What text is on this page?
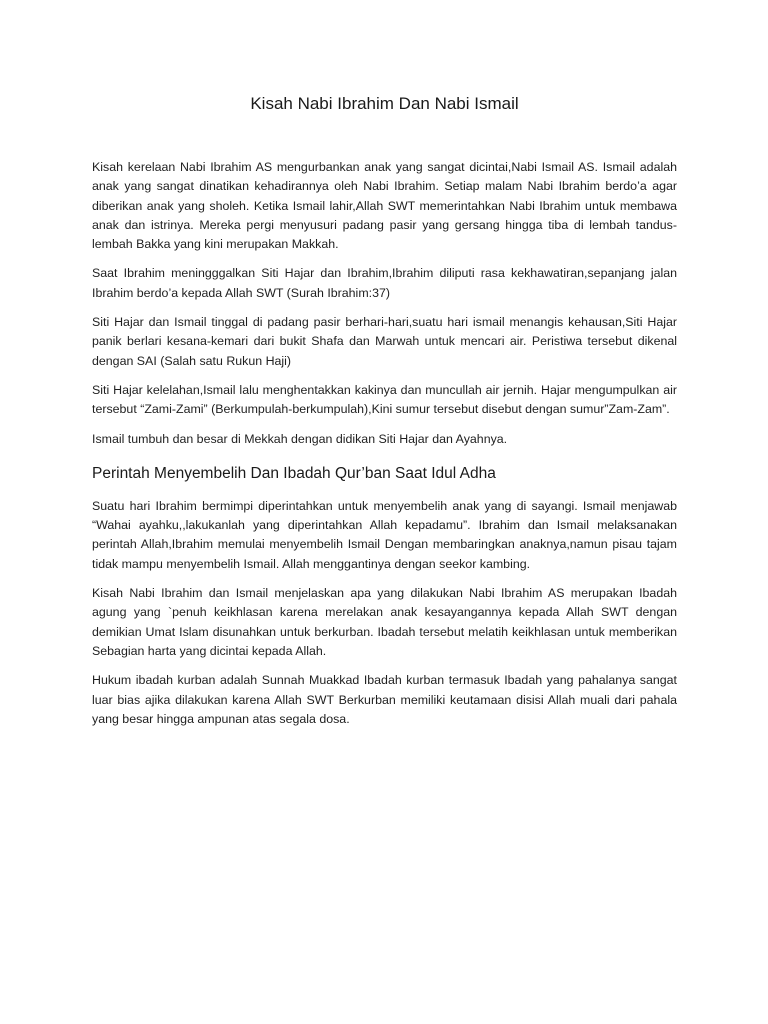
Kisah Nabi Ibrahim Dan Nabi Ismail

Kisah kerelaan Nabi Ibrahim AS mengurbankan anak yang sangat dicintai,Nabi Ismail AS. Ismail adalah anak yang sangat dinatikan kehadirannya oleh Nabi Ibrahim. Setiap malam Nabi Ibrahim berdo’a agar diberikan anak yang sholeh. Ketika Ismail lahir,Allah SWT memerintahkan Nabi Ibrahim untuk membawa anak dan istrinya. Mereka pergi menyusuri padang pasir yang gersang hingga tiba di lembah tandus-lembah Bakka yang kini merupakan Makkah.

Saat Ibrahim meningggalkan Siti Hajar dan Ibrahim,Ibrahim diliputi rasa kekhawatiran,sepanjang jalan Ibrahim berdo’a kepada Allah SWT (Surah Ibrahim:37)

Siti Hajar dan Ismail tinggal di padang pasir berhari-hari,suatu hari ismail menangis kehausan,Siti Hajar panik berlari kesana-kemari dari bukit Shafa dan Marwah untuk mencari air. Peristiwa tersebut dikenal dengan SAI (Salah satu Rukun Haji)

Siti Hajar kelelahan,Ismail lalu menghentakkan kakinya dan muncullah air jernih. Hajar mengumpulkan air tersebut “Zami-Zami” (Berkumpulah-berkumpulah),Kini sumur tersebut disebut dengan sumur”Zam-Zam”.

Ismail tumbuh dan besar di Mekkah dengan didikan Siti Hajar dan Ayahnya.

Perintah Menyembelih Dan Ibadah Qur’ban Saat Idul Adha

Suatu hari Ibrahim bermimpi diperintahkan untuk menyembelih anak yang di sayangi. Ismail menjawab “Wahai ayahku,,lakukanlah yang diperintahkan Allah kepadamu”. Ibrahim dan Ismail melaksanakan perintah Allah,Ibrahim memulai menyembelih Ismail Dengan membaringkan anaknya,namun pisau tajam tidak mampu menyembelih Ismail. Allah menggantinya dengan seekor kambing.

Kisah Nabi Ibrahim dan Ismail menjelaskan apa yang dilakukan Nabi Ibrahim AS merupakan Ibadah agung yang `penuh keikhlasan karena merelakan anak kesayangannya kepada Allah SWT dengan demikian Umat Islam disunahkan untuk berkurban. Ibadah tersebut melatih keikhlasan untuk memberikan Sebagian harta yang dicintai kepada Allah.

Hukum ibadah kurban adalah Sunnah Muakkad Ibadah kurban termasuk Ibadah yang pahalanya sangat luar bias ajika dilakukan karena Allah SWT Berkurban memiliki keutamaan disisi Allah muali dari pahala yang besar hingga ampunan atas segala dosa.
